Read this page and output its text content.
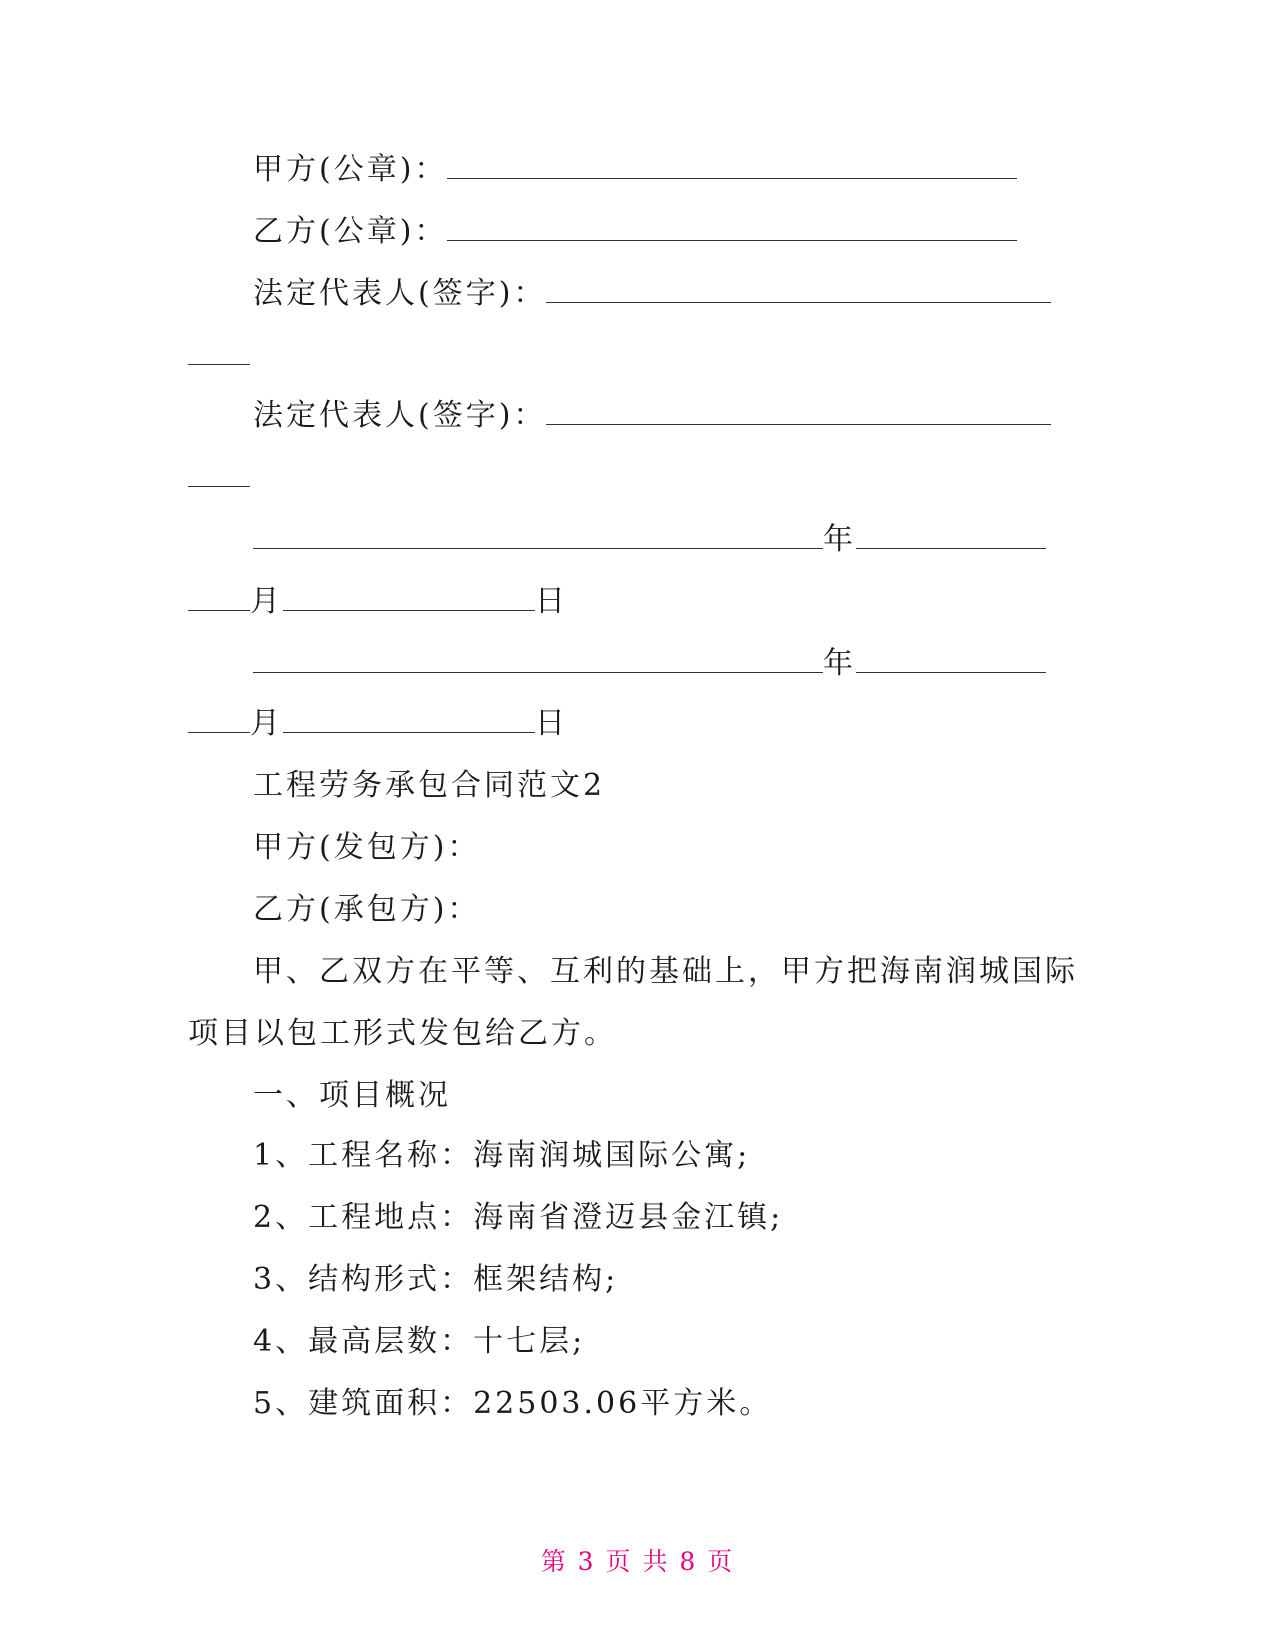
甲方(公章)：
乙方(公章)：
法定代表人(签字)：
法定代表人(签字)：
年
月	日
年
月	日
工程劳务承包合同范文2
甲方(发包方)：
乙方(承包方)：
甲、乙双方在平等、互利的基础上，甲方把海南润城国际
项目以包工形式发包给乙方。
一、项目概况
1、工程名称：海南润城国际公寓;
2、工程地点：海南省澄迈县金江镇;
3、结构形式：框架结构;
4、最高层数：十七层;
5、建筑面积：22503.06平方米。
第 3 页 共 8 页
